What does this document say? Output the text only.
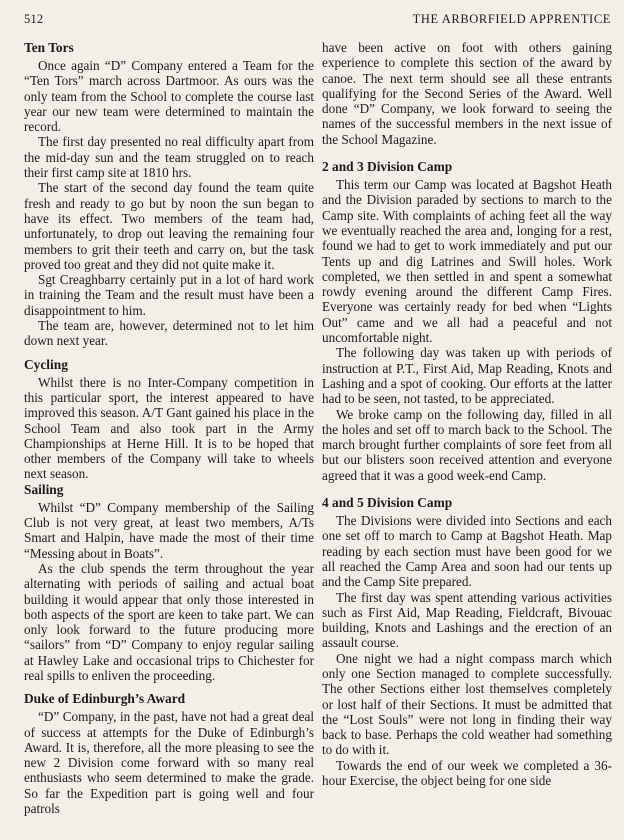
512	THE ARBORFIELD APPRENTICE
Ten Tors

Once again “D” Company entered a Team for the “Ten Tors” march across Dartmoor. As ours was the only team from the School to complete the course last year our new team were determined to maintain the record.

The first day presented no real difficulty apart from the mid-day sun and the team struggled on to reach their first camp site at 1810 hrs.

The start of the second day found the team quite fresh and ready to go but by noon the sun began to have its effect. Two members of the team had, unfortunately, to drop out leaving the remaining four members to grit their teeth and carry on, but the task proved too great and they did not quite make it.

Sgt Creaghbarry certainly put in a lot of hard work in training the Team and the result must have been a disappointment to him.

The team are, however, determined not to let him down next year.

Cycling

Whilst there is no Inter-Company competition in this particular sport, the interest appeared to have improved this season. A/T Gant gained his place in the School Team and also took part in the Army Championships at Herne Hill. It is to be hoped that other members of the Company will take to wheels next season.

Sailing

Whilst “D” Company membership of the Sailing Club is not very great, at least two members, A/Ts Smart and Halpin, have made the most of their time “Messing about in Boats”.

As the club spends the term throughout the year alternating with periods of sailing and actual boat building it would appear that only those interested in both aspects of the sport are keen to take part. We can only look forward to the future producing more “sailors” from “D” Company to enjoy regular sailing at Hawley Lake and occasional trips to Chichester for real spills to enliven the proceeding.

Duke of Edinburgh’s Award

“D” Company, in the past, have not had a great deal of success at attempts for the Duke of Edinburgh’s Award. It is, therefore, all the more pleasing to see the new 2 Division come forward with so many real enthusiasts who seem determined to make the grade. So far the Expedition part is going well and four patrols

have been active on foot with others gaining experience to complete this section of the award by canoe. The next term should see all these entrants qualifying for the Second Series of the Award. Well done “D” Company, we look forward to seeing the names of the successful members in the next issue of the School Magazine.

2 and 3 Division Camp

This term our Camp was located at Bagshot Heath and the Division paraded by sections to march to the Camp site. With complaints of aching feet all the way we eventually reached the area and, longing for a rest, found we had to get to work immediately and put our Tents up and dig Latrines and Swill holes. Work completed, we then settled in and spent a somewhat rowdy evening around the different Camp Fires. Everyone was certainly ready for bed when “Lights Out” came and we all had a peaceful and not uncomfortable night.

The following day was taken up with periods of instruction at P.T., First Aid, Map Reading, Knots and Lashing and a spot of cooking. Our efforts at the latter had to be seen, not tasted, to be appreciated.

We broke camp on the following day, filled in all the holes and set off to march back to the School. The march brought further complaints of sore feet from all but our blisters soon received attention and everyone agreed that it was a good week-end Camp.

4 and 5 Division Camp

The Divisions were divided into Sections and each one set off to march to Camp at Bagshot Heath. Map reading by each section must have been good for we all reached the Camp Area and soon had our tents up and the Camp Site prepared.

The first day was spent attending various activities such as First Aid, Map Reading, Fieldcraft, Bivouac building, Knots and Lashings and the erection of an assault course.

One night we had a night compass march which only one Section managed to complete successfully. The other Sections either lost themselves completely or lost half of their Sections. It must be admitted that the “Lost Souls” were not long in finding their way back to base. Perhaps the cold weather had something to do with it.

Towards the end of our week we completed a 36-hour Exercise, the object being for one side
